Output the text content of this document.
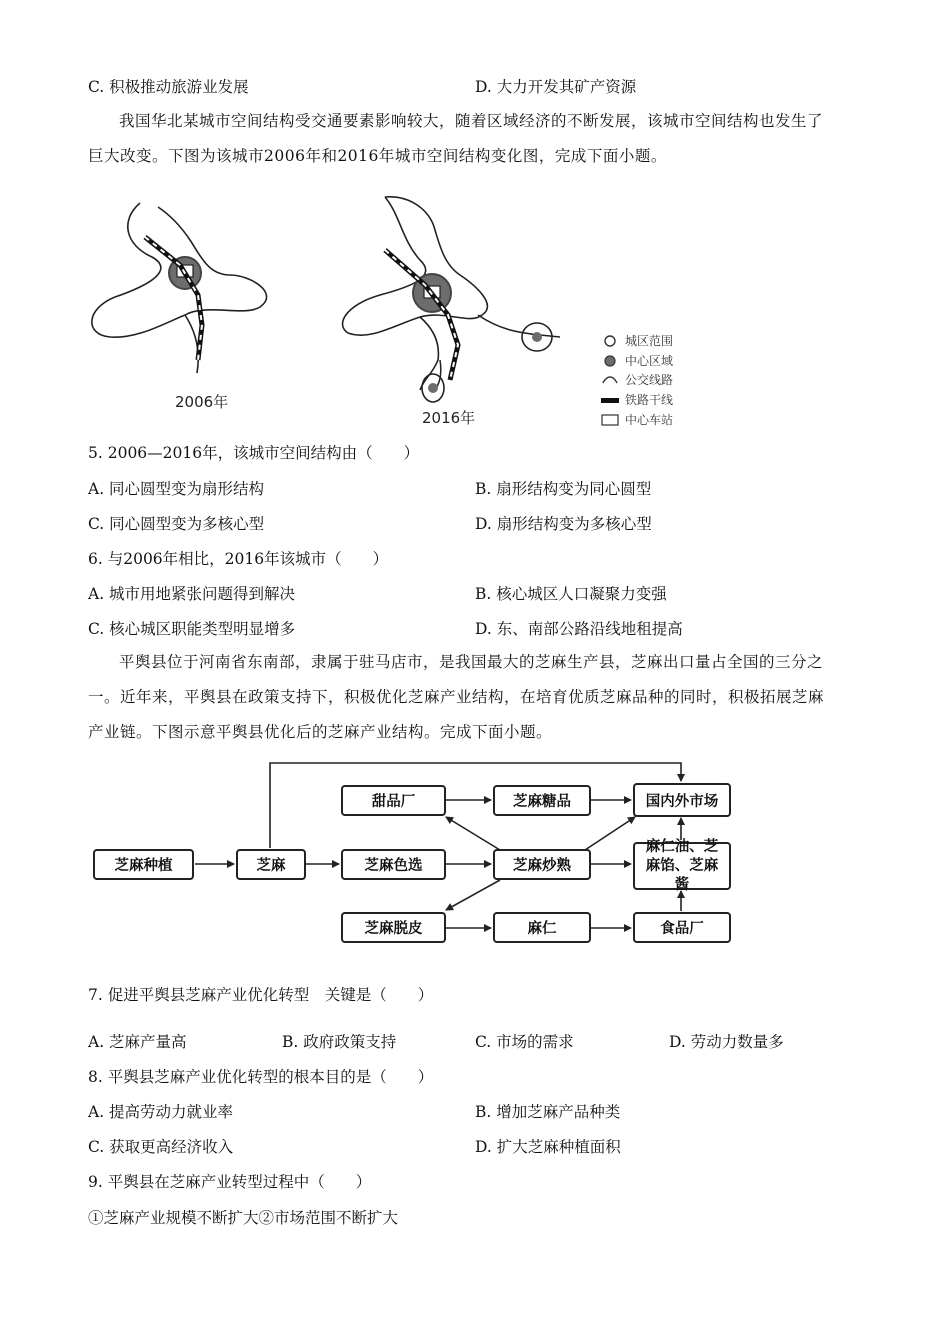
C. 积极推动旅游业发展	D. 大力开发其矿产资源
我国华北某城市空间结构受交通要素影响较大，随着区域经济的不断发展，该城市空间结构也发生了
巨大改变。下图为该城市2006年和2016年城市空间结构变化图，完成下面小题。
2006年
2016年
城区范围
中心区域
公交线路
铁路干线
中心车站
5. 2006—2016年，该城市空间结构由（　　）
A. 同心圆型变为扇形结构	B. 扇形结构变为同心圆型
C. 同心圆型变为多核心型	D. 扇形结构变为多核心型
6. 与2006年相比，2016年该城市（　　）
A. 城市用地紧张问题得到解决	B. 核心城区人口凝聚力变强
C. 核心城区职能类型明显增多	D. 东、南部公路沿线地租提高
平舆县位于河南省东南部，隶属于驻马店市，是我国最大的芝麻生产县，芝麻出口量占全国的三分之
一。近年来，平舆县在政策支持下，积极优化芝麻产业结构，在培育优质芝麻品种的同时，积极拓展芝麻
产业链。下图示意平舆县优化后的芝麻产业结构。完成下面小题。
芝麻种植	芝麻	芝麻色选	芝麻炒熟
甜品厂	芝麻糖品	国内外市场
麻仁油、芝麻馅、芝麻酱
芝麻脱皮	麻仁	食品厂
7. 促进平舆县芝麻产业优化转型　关键是（　　）
A. 芝麻产量高	B. 政府政策支持	C. 市场的需求	D. 劳动力数量多
8. 平舆县芝麻产业优化转型的根本目的是（　　）
A. 提高劳动力就业率	B. 增加芝麻产品种类
C. 获取更高经济收入	D. 扩大芝麻种植面积
9. 平舆县在芝麻产业转型过程中（　　）
①芝麻产业规模不断扩大②市场范围不断扩大
